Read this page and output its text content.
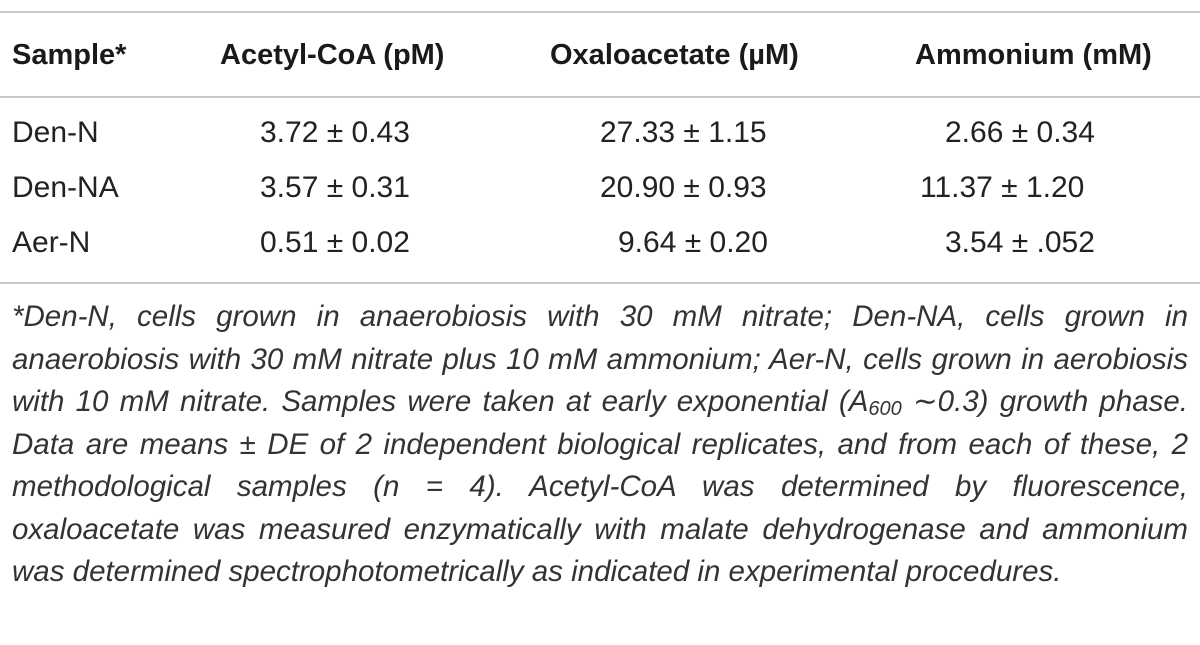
Sample*	Acetyl-CoA (pM)	Oxaloacetate (µM)	Ammonium (mM)
Den-N	3.72 ± 0.43	27.33 ± 1.15	2.66 ± 0.34
Den-NA	3.57 ± 0.31	20.90 ± 0.93	11.37 ± 1.20
Aer-N	0.51 ± 0.02	9.64 ± 0.20	3.54 ± .052
*Den-N, cells grown in anaerobiosis with 30 mM nitrate; Den-NA, cells grown in anaerobiosis with 30 mM nitrate plus 10 mM ammonium; Aer-N, cells grown in aerobiosis with 10 mM nitrate. Samples were taken at early exponential ($A_{600}$ ∼0.3) growth phase. Data are means ± DE of 2 independent biological replicates, and from each of these, 2 methodological samples (n = 4). Acetyl-CoA was determined by fluorescence, oxaloacetate was measured enzymatically with malate dehydrogenase and ammonium was determined spectrophotometrically as indicated in experimental procedures.
